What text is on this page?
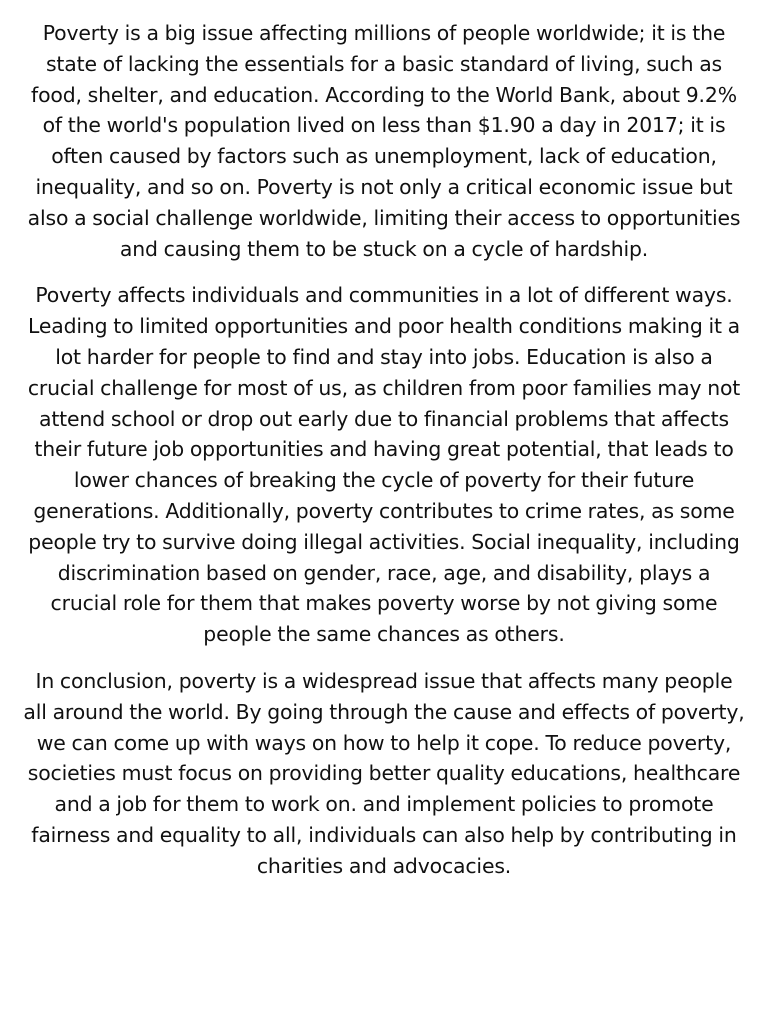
Poverty is a big issue affecting millions of people worldwide; it is the state of lacking the essentials for a basic standard of living, such as food, shelter, and education. According to the World Bank, about 9.2% of the world's population lived on less than $1.90 a day in 2017; it is often caused by factors such as unemployment, lack of education, inequality, and so on. Poverty is not only a critical economic issue but also a social challenge worldwide, limiting their access to opportunities and causing them to be stuck on a cycle of hardship.

Poverty affects individuals and communities in a lot of different ways. Leading to limited opportunities and poor health conditions making it a lot harder for people to find and stay into jobs. Education is also a crucial challenge for most of us, as children from poor families may not attend school or drop out early due to financial problems that affects their future job opportunities and having great potential, that leads to lower chances of breaking the cycle of poverty for their future generations. Additionally, poverty contributes to crime rates, as some people try to survive doing illegal activities. Social inequality, including discrimination based on gender, race, age, and disability, plays a crucial role for them that makes poverty worse by not giving some people the same chances as others.

In conclusion, poverty is a widespread issue that affects many people all around the world. By going through the cause and effects of poverty, we can come up with ways on how to help it cope. To reduce poverty, societies must focus on providing better quality educations, healthcare and a job for them to work on. and implement policies to promote fairness and equality to all, individuals can also help by contributing in charities and advocacies.
